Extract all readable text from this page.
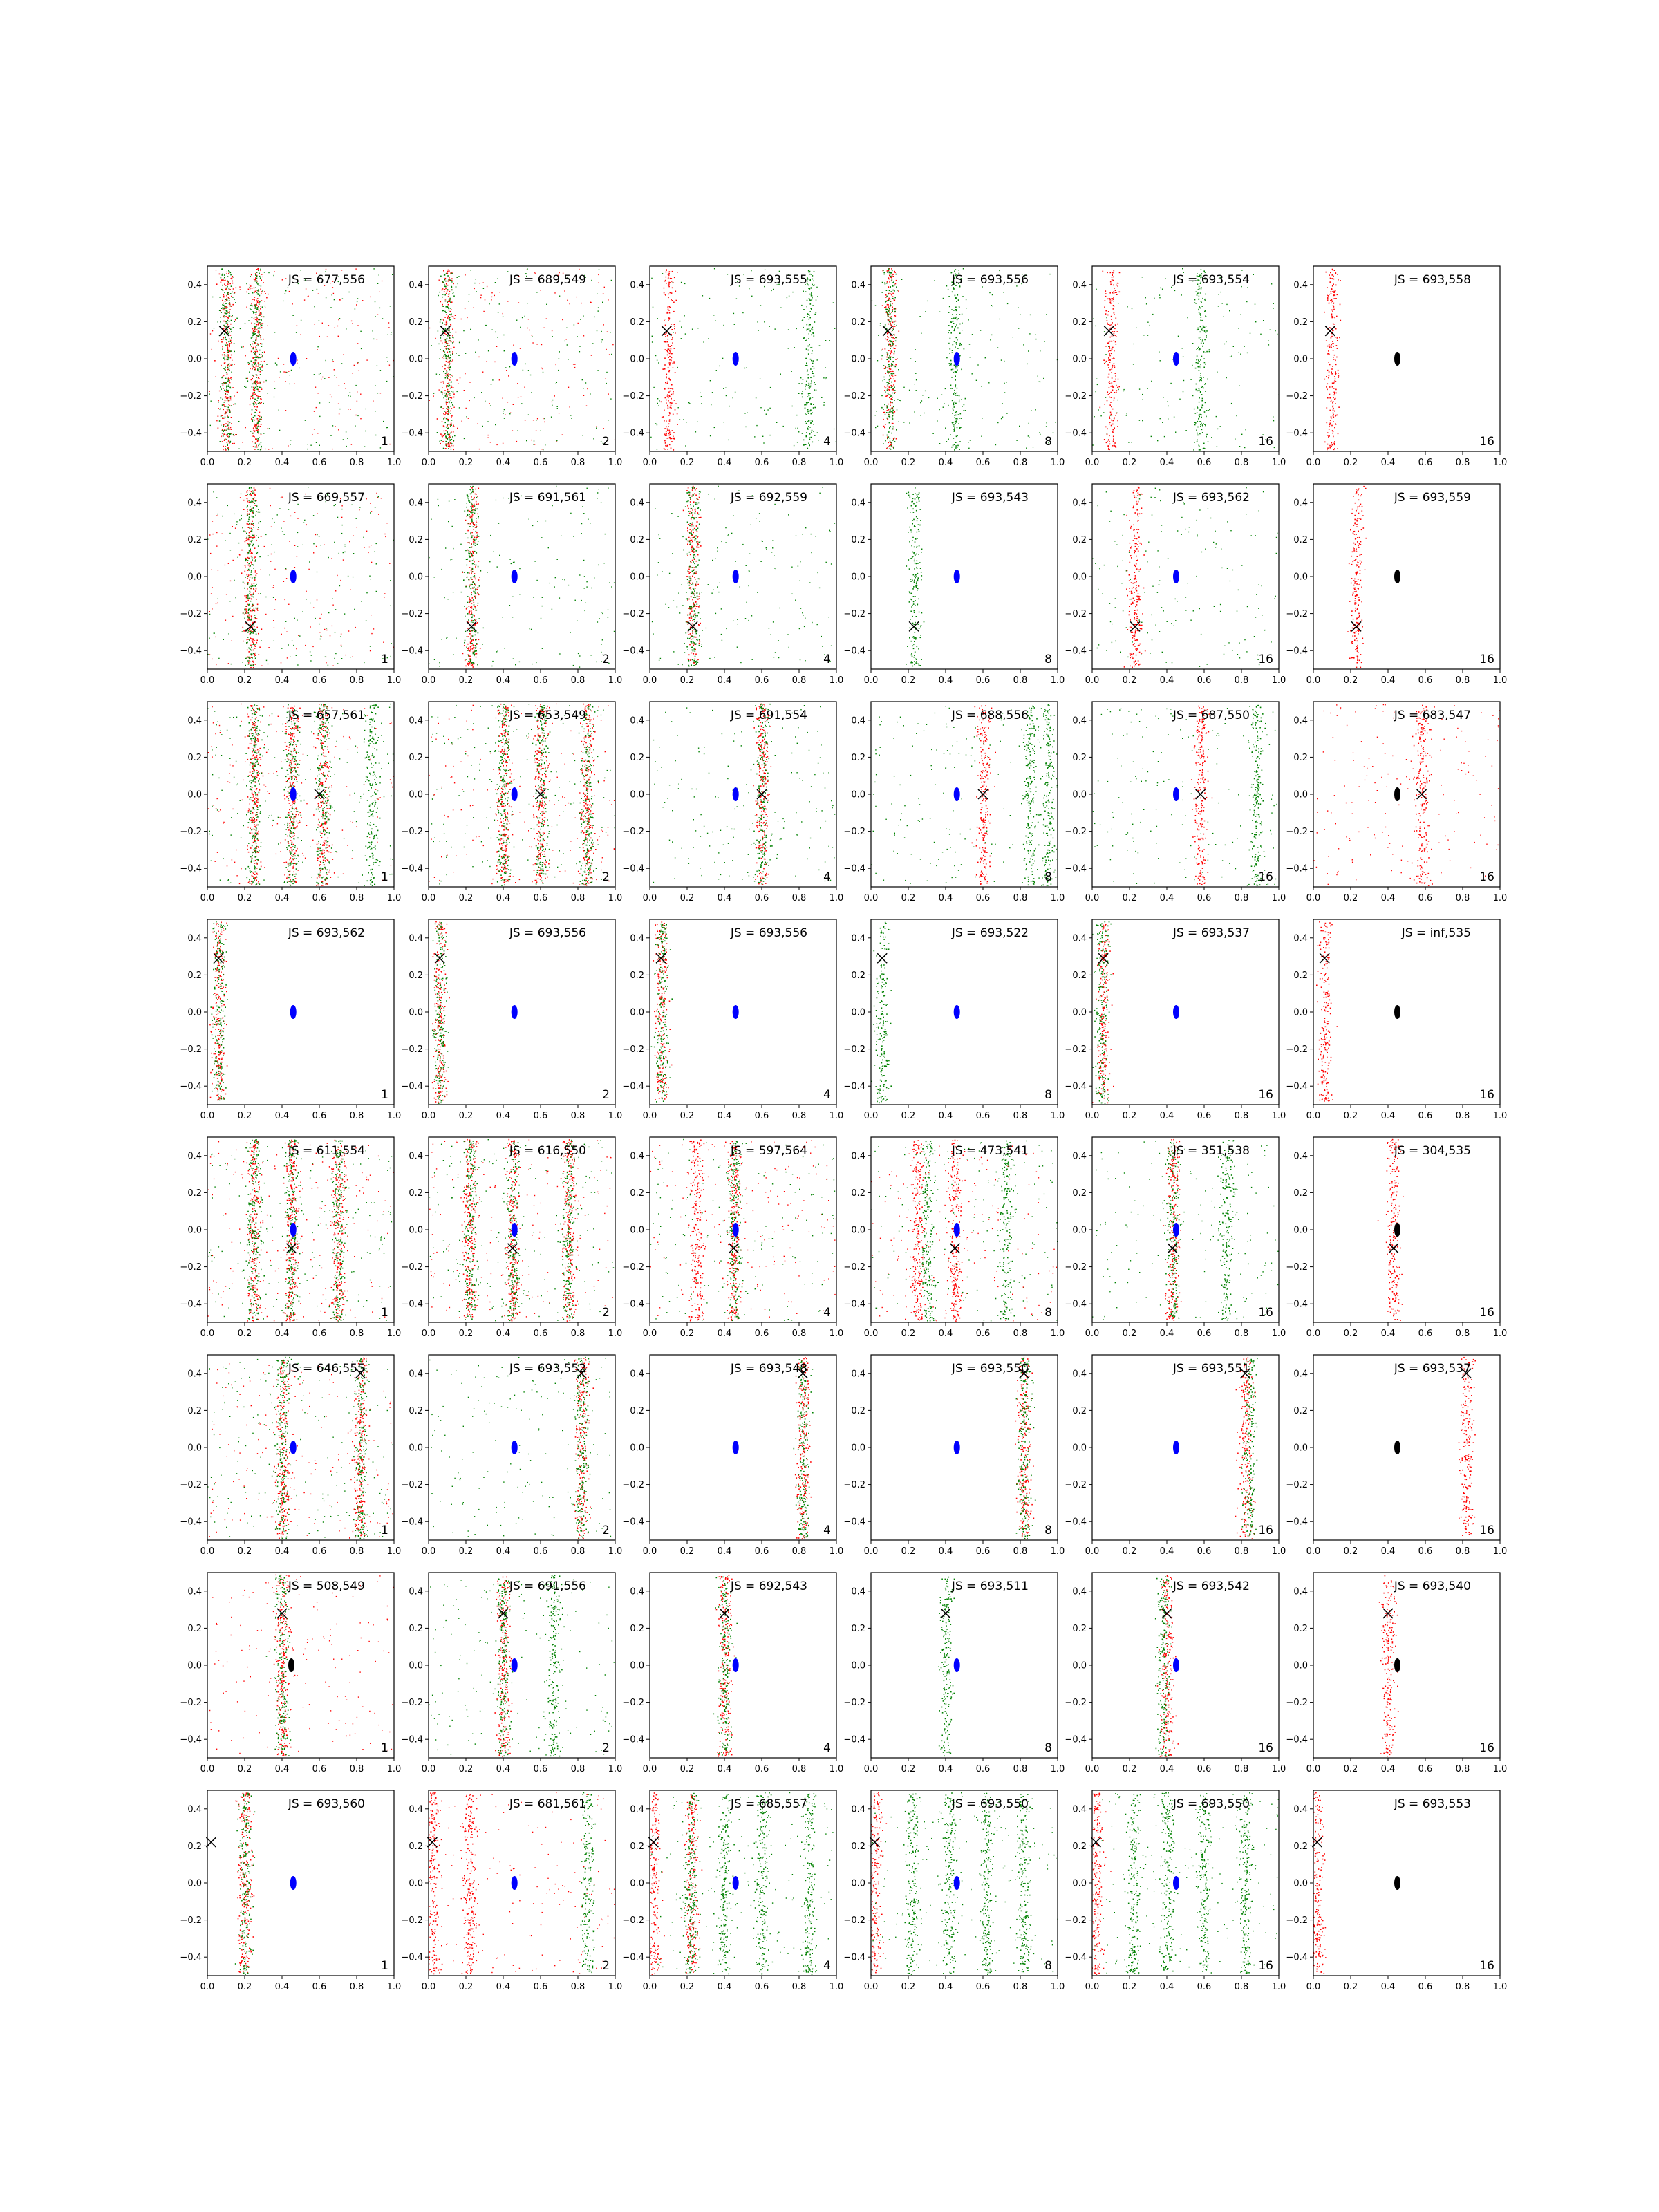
0.0	0.2	0.4	0.6	0.8	1.0
0.4
0.2
0.0
−0.2
−0.4
JS = 677,556
1
0.0	0.2	0.4	0.6	0.8	1.0
0.4
0.2
0.0
−0.2
−0.4
JS = 689,549
2
0.0	0.2	0.4	0.6	0.8	1.0
0.4
0.2
0.0
−0.2
−0.4
JS = 693,555
4
0.0	0.2	0.4	0.6	0.8	1.0
0.4
0.2
0.0
−0.2
−0.4
JS = 693,556
8
0.0	0.2	0.4	0.6	0.8	1.0
0.4
0.2
0.0
−0.2
−0.4
JS = 693,554
16
0.0	0.2	0.4	0.6	0.8	1.0
0.4
0.2
0.0
−0.2
−0.4
JS = 693,558
16
0.0	0.2	0.4	0.6	0.8	1.0
0.4
0.2
0.0
−0.2
−0.4
JS = 669,557
1
0.0	0.2	0.4	0.6	0.8	1.0
0.4
0.2
0.0
−0.2
−0.4
JS = 691,561
2
0.0	0.2	0.4	0.6	0.8	1.0
0.4
0.2
0.0
−0.2
−0.4
JS = 692,559
4
0.0	0.2	0.4	0.6	0.8	1.0
0.4
0.2
0.0
−0.2
−0.4
JS = 693,543
8
0.0	0.2	0.4	0.6	0.8	1.0
0.4
0.2
0.0
−0.2
−0.4
JS = 693,562
16
0.0	0.2	0.4	0.6	0.8	1.0
0.4
0.2
0.0
−0.2
−0.4
JS = 693,559
16
0.0	0.2	0.4	0.6	0.8	1.0
0.4
0.2
0.0
−0.2
−0.4
JS = 657,561
1
0.0	0.2	0.4	0.6	0.8	1.0
0.4
0.2
0.0
−0.2
−0.4
JS = 653,549
2
0.0	0.2	0.4	0.6	0.8	1.0
0.4
0.2
0.0
−0.2
−0.4
JS = 691,554
4
0.0	0.2	0.4	0.6	0.8	1.0
0.4
0.2
0.0
−0.2
−0.4
JS = 688,556
8
0.0	0.2	0.4	0.6	0.8	1.0
0.4
0.2
0.0
−0.2
−0.4
JS = 687,550
16
0.0	0.2	0.4	0.6	0.8	1.0
0.4
0.2
0.0
−0.2
−0.4
JS = 683,547
16
0.0	0.2	0.4	0.6	0.8	1.0
0.4
0.2
0.0
−0.2
−0.4
JS = 693,562
1
0.0	0.2	0.4	0.6	0.8	1.0
0.4
0.2
0.0
−0.2
−0.4
JS = 693,556
2
0.0	0.2	0.4	0.6	0.8	1.0
0.4
0.2
0.0
−0.2
−0.4
JS = 693,556
4
0.0	0.2	0.4	0.6	0.8	1.0
0.4
0.2
0.0
−0.2
−0.4
JS = 693,522
8
0.0	0.2	0.4	0.6	0.8	1.0
0.4
0.2
0.0
−0.2
−0.4
JS = 693,537
16
0.0	0.2	0.4	0.6	0.8	1.0
0.4
0.2
0.0
−0.2
−0.4
JS = inf,535
16
0.0	0.2	0.4	0.6	0.8	1.0
0.4
0.2
0.0
−0.2
−0.4
JS = 611,554
1
0.0	0.2	0.4	0.6	0.8	1.0
0.4
0.2
0.0
−0.2
−0.4
JS = 616,550
2
0.0	0.2	0.4	0.6	0.8	1.0
0.4
0.2
0.0
−0.2
−0.4
JS = 597,564
4
0.0	0.2	0.4	0.6	0.8	1.0
0.4
0.2
0.0
−0.2
−0.4
JS = 473,541
8
0.0	0.2	0.4	0.6	0.8	1.0
0.4
0.2
0.0
−0.2
−0.4
JS = 351,538
16
0.0	0.2	0.4	0.6	0.8	1.0
0.4
0.2
0.0
−0.2
−0.4
JS = 304,535
16
0.0	0.2	0.4	0.6	0.8	1.0
0.4
0.2
0.0
−0.2
−0.4
JS = 646,555
1
0.0	0.2	0.4	0.6	0.8	1.0
0.4
0.2
0.0
−0.2
−0.4
JS = 693,552
2
0.0	0.2	0.4	0.6	0.8	1.0
0.4
0.2
0.0
−0.2
−0.4
JS = 693,548
4
0.0	0.2	0.4	0.6	0.8	1.0
0.4
0.2
0.0
−0.2
−0.4
JS = 693,550
8
0.0	0.2	0.4	0.6	0.8	1.0
0.4
0.2
0.0
−0.2
−0.4
JS = 693,551
16
0.0	0.2	0.4	0.6	0.8	1.0
0.4
0.2
0.0
−0.2
−0.4
JS = 693,537
16
0.0	0.2	0.4	0.6	0.8	1.0
0.4
0.2
0.0
−0.2
−0.4
JS = 508,549
1
0.0	0.2	0.4	0.6	0.8	1.0
0.4
0.2
0.0
−0.2
−0.4
JS = 691,556
2
0.0	0.2	0.4	0.6	0.8	1.0
0.4
0.2
0.0
−0.2
−0.4
JS = 692,543
4
0.0	0.2	0.4	0.6	0.8	1.0
0.4
0.2
0.0
−0.2
−0.4
JS = 693,511
8
0.0	0.2	0.4	0.6	0.8	1.0
0.4
0.2
0.0
−0.2
−0.4
JS = 693,542
16
0.0	0.2	0.4	0.6	0.8	1.0
0.4
0.2
0.0
−0.2
−0.4
JS = 693,540
16
0.0	0.2	0.4	0.6	0.8	1.0
0.4
0.2
0.0
−0.2
−0.4
JS = 693,560
1
0.0	0.2	0.4	0.6	0.8	1.0
0.4
0.2
0.0
−0.2
−0.4
JS = 681,561
2
0.0	0.2	0.4	0.6	0.8	1.0
0.4
0.2
0.0
−0.2
−0.4
JS = 685,557
4
0.0	0.2	0.4	0.6	0.8	1.0
0.4
0.2
0.0
−0.2
−0.4
JS = 693,550
8
0.0	0.2	0.4	0.6	0.8	1.0
0.4
0.2
0.0
−0.2
−0.4
JS = 693,550
16
0.0	0.2	0.4	0.6	0.8	1.0
0.4
0.2
0.0
−0.2
−0.4
JS = 693,553
16
